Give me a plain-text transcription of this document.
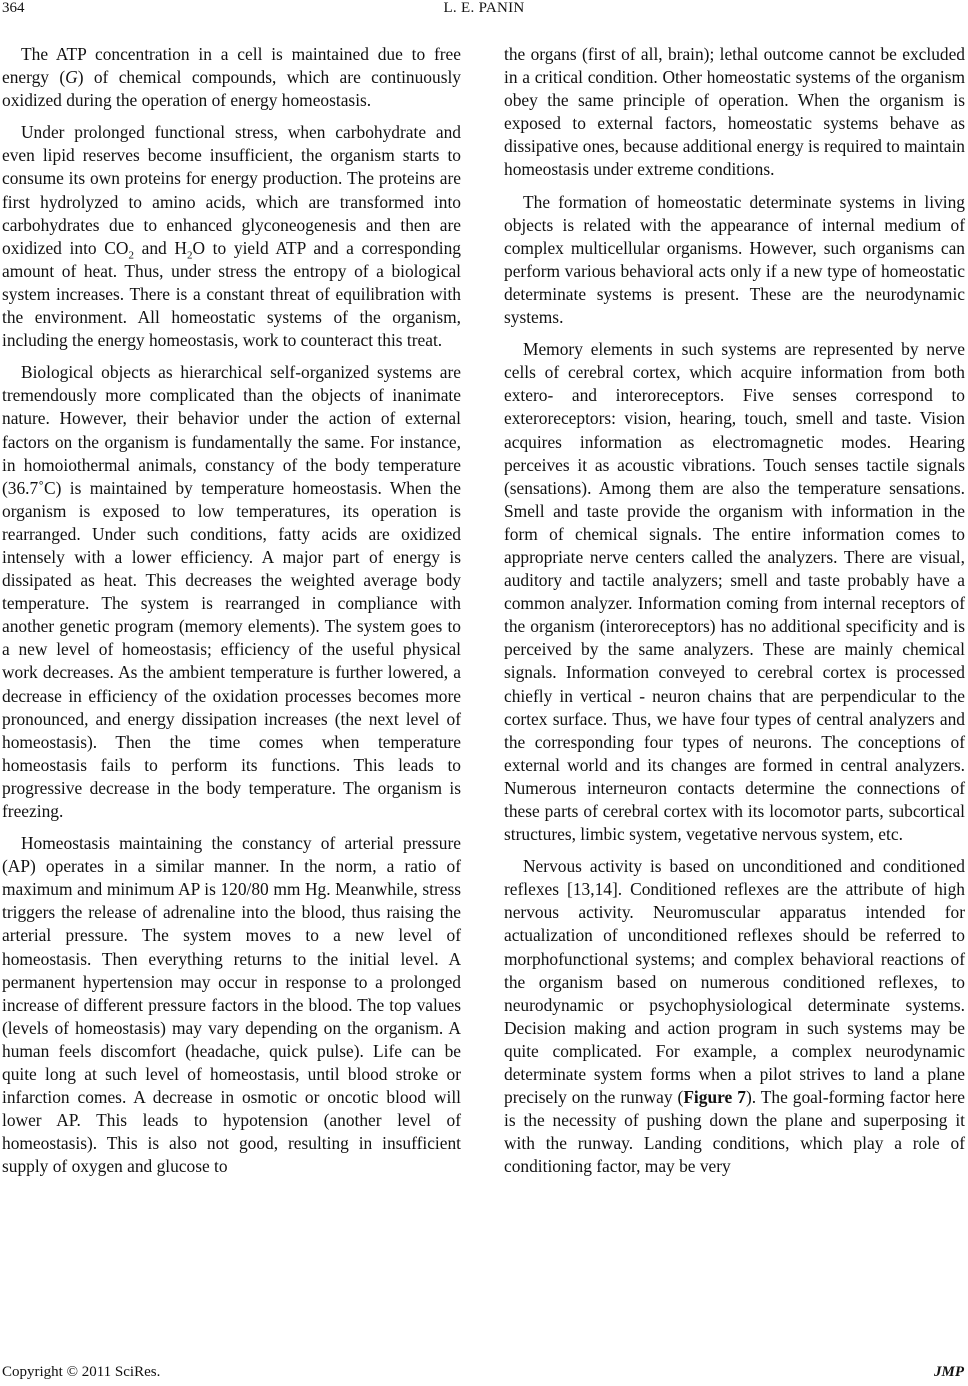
364	L. E. PANIN

The ATP concentration in a cell is maintained due to free energy (G) of chemical compounds, which are continuously oxidized during the operation of energy homeostasis.

Under prolonged functional stress, when carbohydrate and even lipid reserves become insufficient, the organism starts to consume its own proteins for energy production. The proteins are first hydrolyzed to amino acids, which are transformed into carbohydrates due to enhanced glyconeogenesis and then are oxidized into $CO_2$ and $H_2O$ to yield ATP and a corresponding amount of heat. Thus, under stress the entropy of a biological system increases. There is a constant threat of equilibration with the environment. All homeostatic systems of the organism, including the energy homeostasis, work to counteract this treat.

Biological objects as hierarchical self-organized systems are tremendously more complicated than the objects of inanimate nature. However, their behavior under the action of external factors on the organism is fundamentally the same. For instance, in homoiothermal animals, constancy of the body temperature (36.7˚C) is maintained by temperature homeostasis. When the organism is exposed to low temperatures, its operation is rearranged. Under such conditions, fatty acids are oxidized intensely with a lower efficiency. A major part of energy is dissipated as heat. This decreases the weighted average body temperature. The system is rearranged in compliance with another genetic program (memory elements). The system goes to a new level of homeostasis; efficiency of the useful physical work decreases. As the ambient temperature is further lowered, a decrease in efficiency of the oxidation processes becomes more pronounced, and energy dissipation increases (the next level of homeostasis). Then the time comes when temperature homeostasis fails to perform its functions. This leads to progressive decrease in the body temperature. The organism is freezing.

Homeostasis maintaining the constancy of arterial pressure (AP) operates in a similar manner. In the norm, a ratio of maximum and minimum AP is 120/80 mm Hg. Meanwhile, stress triggers the release of adrenaline into the blood, thus raising the arterial pressure. The system moves to a new level of homeostasis. Then everything returns to the initial level. A permanent hypertension may occur in response to a prolonged increase of different pressure factors in the blood. The top values (levels of homeostasis) may vary depending on the organism. A human feels discomfort (headache, quick pulse). Life can be quite long at such level of homeostasis, until blood stroke or infarction comes. A decrease in osmotic or oncotic blood will lower AP. This leads to hypotension (another level of homeostasis). This is also not good, resulting in insufficient supply of oxygen and glucose to

the organs (first of all, brain); lethal outcome cannot be excluded in a critical condition. Other homeostatic systems of the organism obey the same principle of operation. When the organism is exposed to external factors, homeostatic systems behave as dissipative ones, because additional energy is required to maintain homeostasis under extreme conditions.

The formation of homeostatic determinate systems in living objects is related with the appearance of internal medium of complex multicellular organisms. However, such organisms can perform various behavioral acts only if a new type of homeostatic determinate systems is present. These are the neurodynamic systems.

Memory elements in such systems are represented by nerve cells of cerebral cortex, which acquire information from both extero- and interoreceptors. Five senses correspond to exteroreceptors: vision, hearing, touch, smell and taste. Vision acquires information as electromagnetic modes. Hearing perceives it as acoustic vibrations. Touch senses tactile signals (sensations). Among them are also the temperature sensations. Smell and taste provide the organism with information in the form of chemical signals. The entire information comes to appropriate nerve centers called the analyzers. There are visual, auditory and tactile analyzers; smell and taste probably have a common analyzer. Information coming from internal receptors of the organism (interoreceptors) has no additional specificity and is perceived by the same analyzers. These are mainly chemical signals. Information conveyed to cerebral cortex is processed chiefly in vertical - neuron chains that are perpendicular to the cortex surface. Thus, we have four types of central analyzers and the corresponding four types of neurons. The conceptions of external world and its changes are formed in central analyzers. Numerous interneuron contacts determine the connections of these parts of cerebral cortex with its locomotor parts, subcortical structures, limbic system, vegetative nervous system, etc.

Nervous activity is based on unconditioned and conditioned reflexes [13,14]. Conditioned reflexes are the attribute of high nervous activity. Neuromuscular apparatus intended for actualization of unconditioned reflexes should be referred to morphofunctional systems; and complex behavioral reactions of the organism based on numerous conditioned reflexes, to neurodynamic or psychophysiological determinate systems. Decision making and action program in such systems may be quite complicated. For example, a complex neurodynamic determinate system forms when a pilot strives to land a plane precisely on the runway (Figure 7). The goal-forming factor here is the necessity of pushing down the plane and superposing it with the runway. Landing conditions, which play a role of conditioning factor, may be very

Copyright © 2011 SciRes.	JMP
